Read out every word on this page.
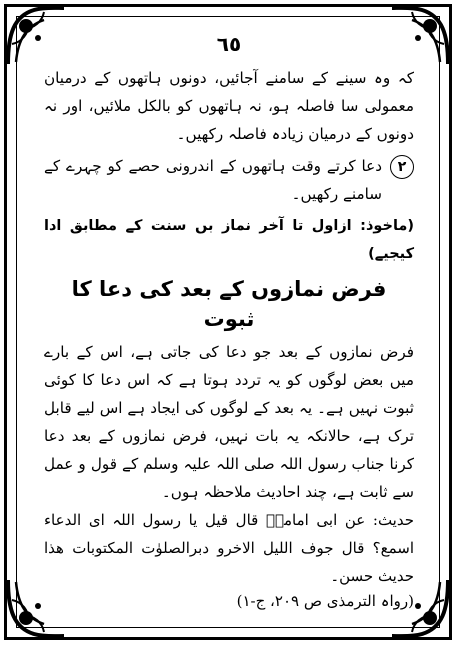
٦٥

کہ وہ سینے کے سامنے آجائیں، دونوں ہاتھوں کے درمیان معمولی سا فاصلہ ہو، نہ ہاتھوں کو بالکل ملائیں، اور نہ دونوں کے درمیان زیادہ فاصلہ رکھیں۔

۲

دعا کرتے وقت ہاتھوں کے اندرونی حصے کو چہرے کے سامنے رکھیں۔

(ماخوذ: ازاول تا آخر نماز بں سنت کے مطابق ادا کیجیے)
فرض نمازوں کے بعد کی دعا کا ثبوت

فرض نمازوں کے بعد جو دعا کی جاتی ہے، اس کے بارے میں بعض لوگوں کو یہ تردد ہوتا ہے کہ اس دعا کا کوئی ثبوت نہیں ہے۔ یہ بعد کے لوگوں کی ایجاد ہے اس لیے قابل ترک ہے، حالانکہ یہ بات نہیں، فرض نمازوں کے بعد دعا کرنا جناب رسول اللہ صلی اللہ علیہ وسلم کے قول و عمل سے ثابت ہے، چند احادیث ملاحظہ ہوں۔

حدیث: عن ابی امامۃؓ قال قیل یا رسول اللہ ای الدعاء اسمع؟ قال جوف اللیل الاخرو دبرالصلوٰت المکتوبات ھذا حدیث حسن۔

(رواہ الترمذی ص ۲۰۹، ج-۱)
